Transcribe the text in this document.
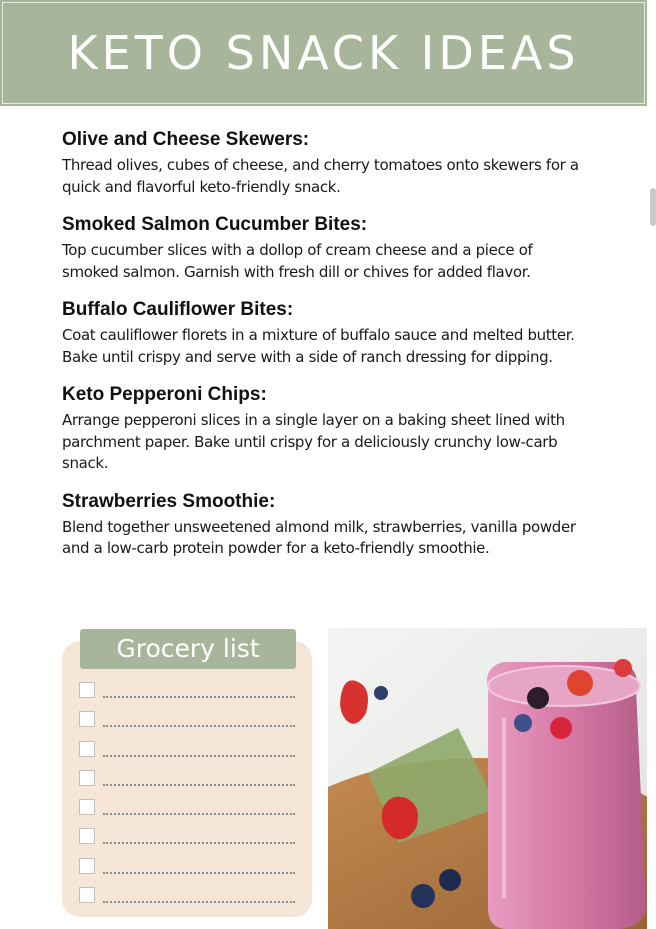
KETO SNACK IDEAS
Olive and Cheese Skewers:
Thread olives, cubes of cheese, and cherry tomatoes onto skewers for a quick and flavorful keto-friendly snack.
Smoked Salmon Cucumber Bites:
Top cucumber slices with a dollop of cream cheese and a piece of smoked salmon. Garnish with fresh dill or chives for added flavor.
Buffalo Cauliflower Bites:
Coat cauliflower florets in a mixture of buffalo sauce and melted butter. Bake until crispy and serve with a side of ranch dressing for dipping.
Keto Pepperoni Chips:
Arrange pepperoni slices in a single layer on a baking sheet lined with parchment paper. Bake until crispy for a deliciously crunchy low-carb snack.
Strawberries Smoothie:
Blend together unsweetened almond milk, strawberries, vanilla powder and a low-carb protein powder for a keto-friendly smoothie.
Grocery list
